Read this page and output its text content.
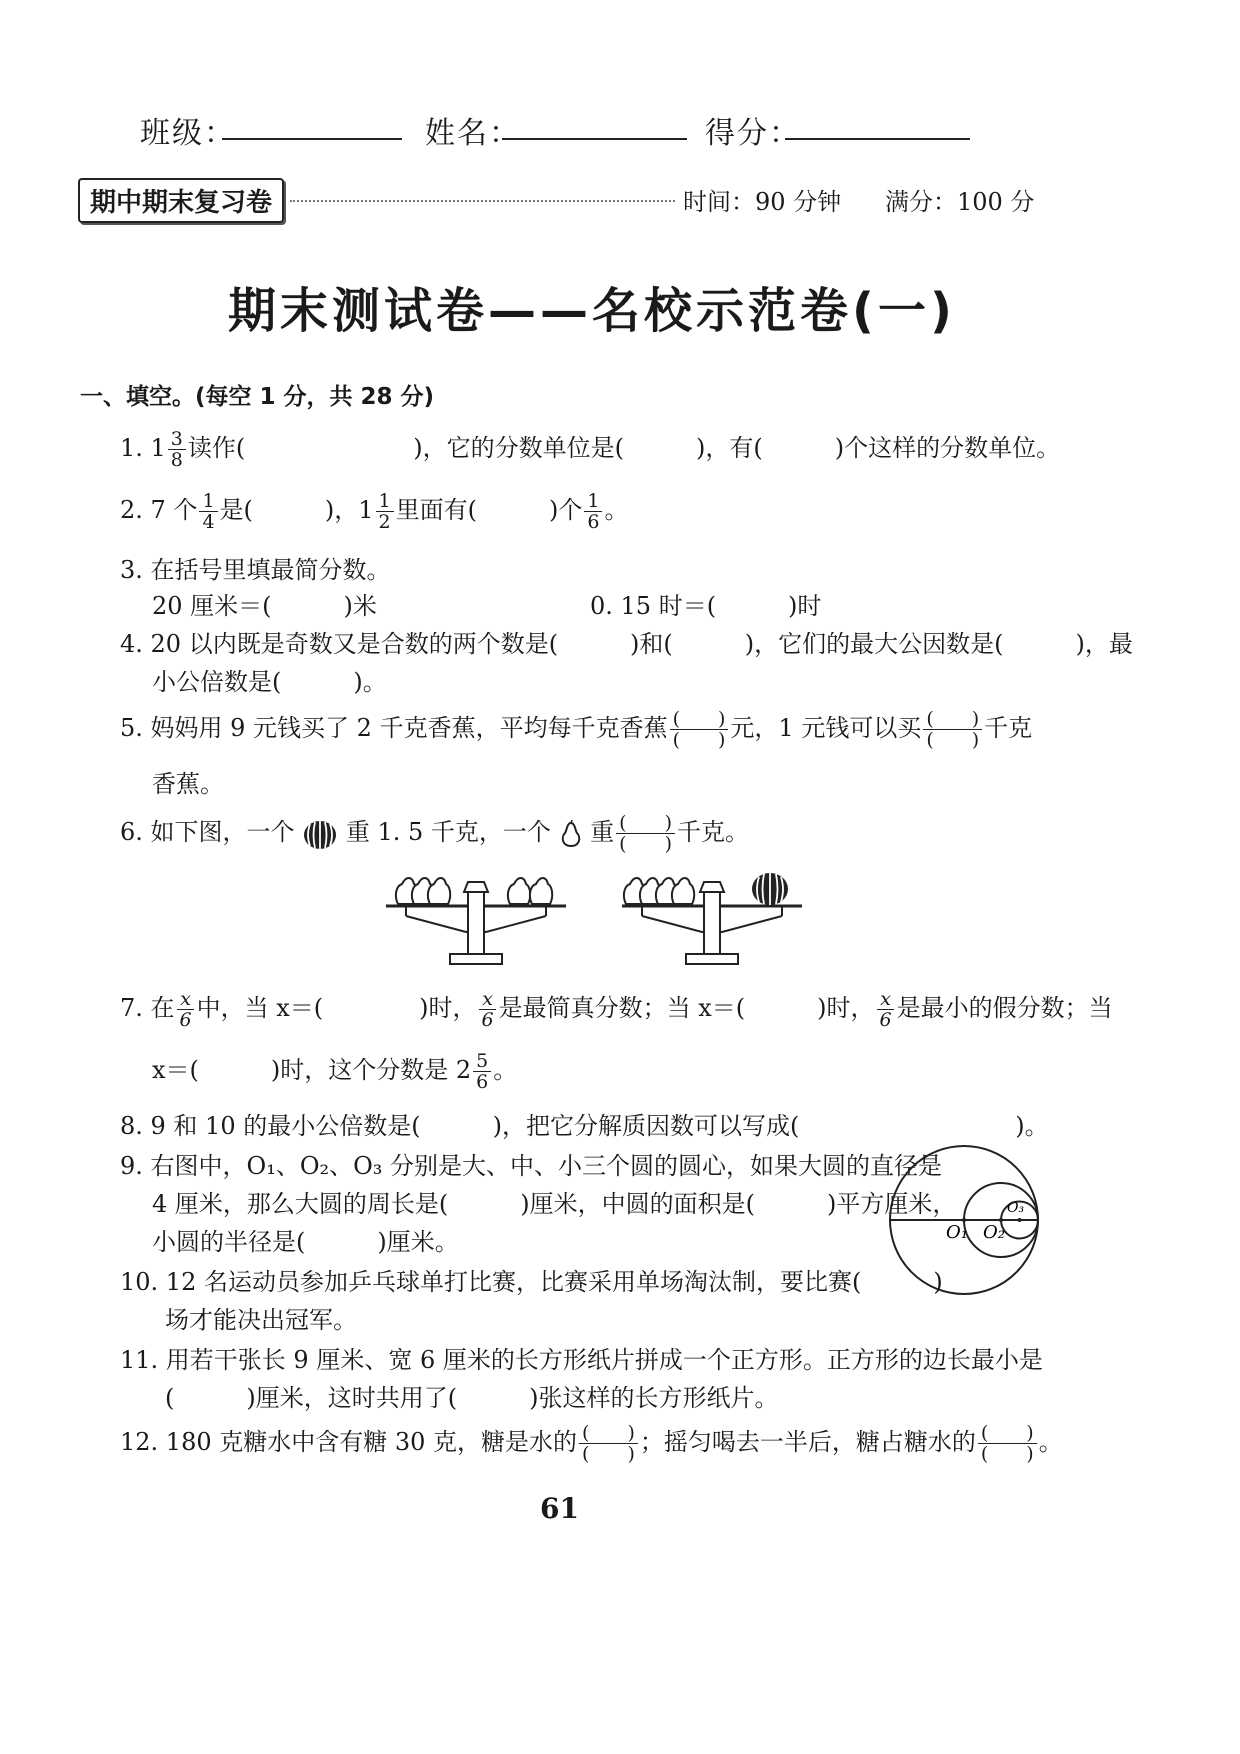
班级：	姓名：	得分：
期中期末复习卷	时间：90 分钟 满分：100 分
期末测试卷——名校示范卷(一)
一、填空。(每空 1 分，共 28 分)
1. $1 \frac{3}{8}$ 读作(　　　　　　　)，它的分数单位是(　　　)，有(　　　)个这样的分数单位。
2. 7 个 $\frac{1}{4}$ 是(　　　)，$1 \frac{1}{2}$ 里面有(　　　)个 $\frac{1}{6}$ 。
3. 在括号里填最简分数。
20 厘米＝(　　　)米	0. 15 时＝(　　　)时
4. 20 以内既是奇数又是合数的两个数是(　　　)和(　　　)，它们的最大公因数是(　　　)，最
小公倍数是(　　　)。
5. 妈妈用 9 元钱买了 2 千克香蕉，平均每千克香蕉 $\frac{( )}{( )}$ 元，1 元钱可以买 $\frac{( )}{( )}$ 千克
香蕉。
6. 如下图，一个 重 1. 5 千克，一个 重 $\frac{( )}{( )}$ 千克。
7. 在 $\frac{x}{6}$ 中，当 x＝(　　　　)时， $\frac{x}{6}$ 是最简真分数；当 x＝(　　　)时， $\frac{x}{6}$ 是最小的假分数；当
x＝(　　　)时，这个分数是 $2 \frac{5}{6}$ 。
8. 9 和 10 的最小公倍数是(　　　)，把它分解质因数可以写成(　　　　　　　　　)。
9. 右图中，O₁、O₂、O₃ 分别是大、中、小三个圆的圆心，如果大圆的直径是
4 厘米，那么大圆的周长是(　　　)厘米，中圆的面积是(　　　)平方厘米，
小圆的半径是(　　　)厘米。	O₁ O₂
O₃
10. 12 名运动员参加乒乓球单打比赛，比赛采用单场淘汰制，要比赛(　　　)
场才能决出冠军。
11. 用若干张长 9 厘米、宽 6 厘米的长方形纸片拼成一个正方形。正方形的边长最小是
(　　　)厘米，这时共用了(　　　)张这样的长方形纸片。
12. 180 克糖水中含有糖 30 克，糖是水的 $\frac{( )}{( )}$ ；摇匀喝去一半后，糖占糖水的 $\frac{( )}{( )}$ 。
61
